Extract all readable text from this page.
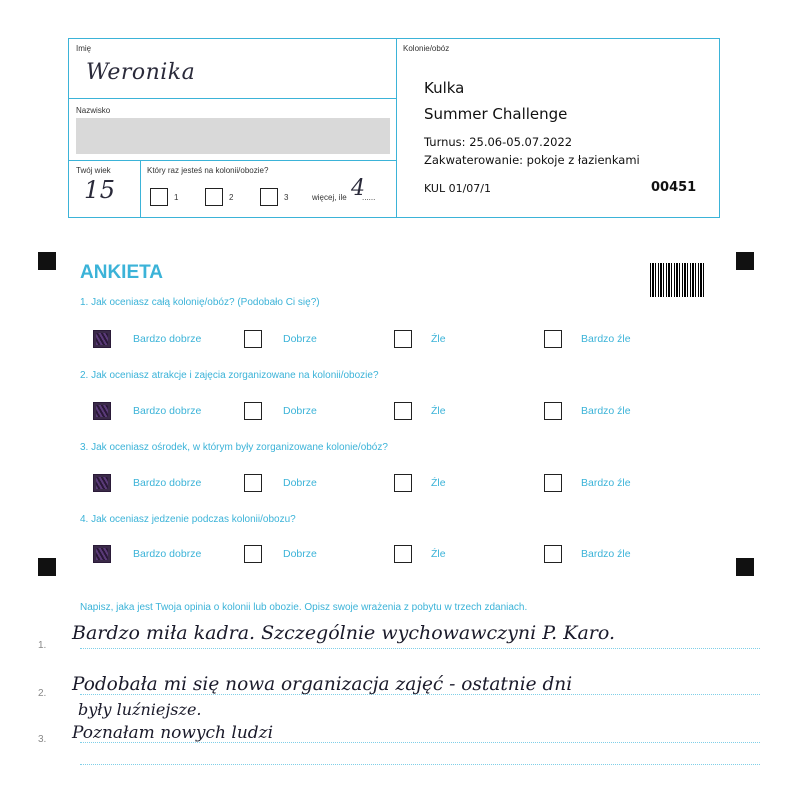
Imię
Weronika
Nazwisko
Twój wiek
15
Który raz jesteś na kolonii/obozie?
1	2	3	więcej, ile 4
......
Kolonie/obóz
Kulka
Summer Challenge
Turnus: 25.06-05.07.2022
Zakwaterowanie: pokoje z łazienkami
KUL 01/07/1	00451
ANKIETA
1. Jak oceniasz całą kolonię/obóz? (Podobało Ci się?)
Bardzo dobrze	Dobrze	Źle	Bardzo źle
2. Jak oceniasz atrakcje i zajęcia zorganizowane na kolonii/obozie?
Bardzo dobrze	Dobrze	Źle	Bardzo źle
3. Jak oceniasz ośrodek, w którym były zorganizowane kolonie/obóz?
Bardzo dobrze	Dobrze	Źle	Bardzo źle
4. Jak oceniasz jedzenie podczas kolonii/obozu?
Bardzo dobrze	Dobrze	Źle	Bardzo źle
Napisz, jaka jest Twoja opinia o kolonii lub obozie. Opisz swoje wrażenia z pobytu w trzech zdaniach.
1.
2.
3.
Bardzo miła kadra. Szczególnie wychowawczyni P. Karo.
Podobała mi się nowa organizacja zajęć - ostatnie dni
były luźniejsze.
Poznałam nowych ludzi
